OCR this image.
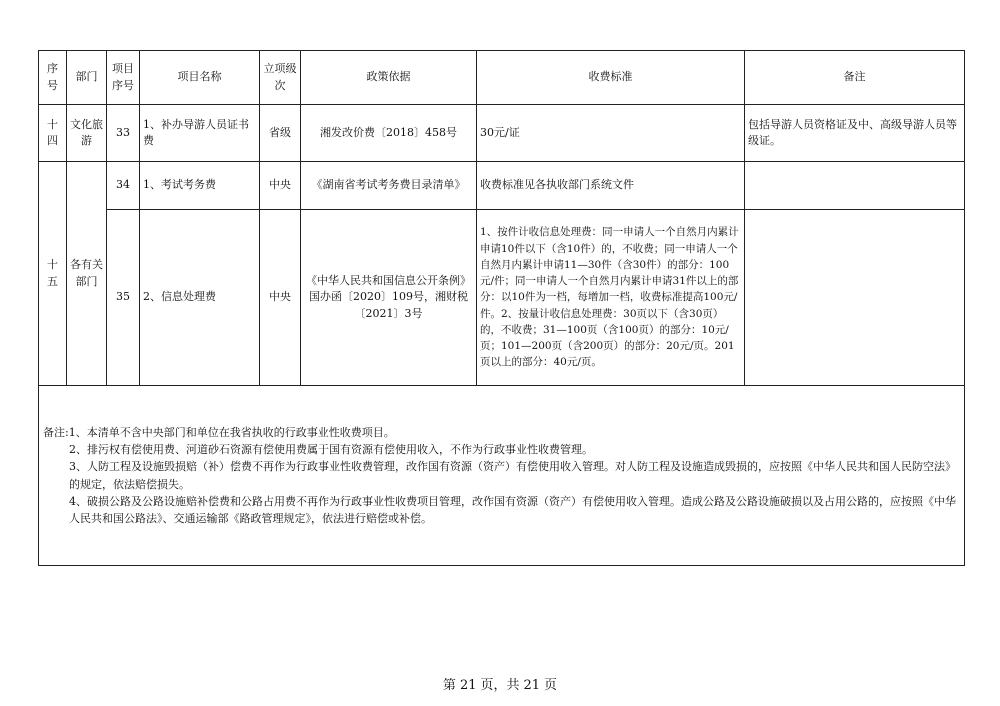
序号	部门	项目序号	项目名称	立项级次	政策依据	收费标准	备注
十四	文化旅游	33	1、补办导游人员证书费	省级	湘发改价费〔2018〕458号	30元/证	包括导游人员资格证及中、高级导游人员等级证。
十五	各有关部门	34	1、考试考务费	中央	《湖南省考试考务费目录清单》	收费标准见各执收部门系统文件	
		35	2、信息处理费	中央	《中华人民共和国信息公开条例》国办函〔2020〕109号，湘财税〔2021〕3号	1、按件计收信息处理费：同一申请人一个自然月内累计申请10件以下（含10件）的，不收费；同一申请人一个自然月内累计申请11—30件（含30件）的部分：100元/件；同一申请人一个自然月内累计申请31件以上的部分：以10件为一档，每增加一档，收费标准提高100元/件。2、按量计收信息处理费：30页以下（含30页）的，不收费；31—100页（含100页）的部分：10元/页；101—200页（含200页）的部分：20元/页。201页以上的部分：40元/页。	

备注:1、本清单不含中央部门和单位在我省执收的行政事业性收费项目。
2、排污权有偿使用费、河道砂石资源有偿使用费属于国有资源有偿使用收入，不作为行政事业性收费管理。
3、人防工程及设施毁损赔（补）偿费不再作为行政事业性收费管理，改作国有资源（资产）有偿使用收入管理。对人防工程及设施造成毁损的，应按照《中华人民共和国人民防空法》的规定，依法赔偿损失。
4、破损公路及公路设施赔补偿费和公路占用费不再作为行政事业性收费项目管理，改作国有资源（资产）有偿使用收入管理。造成公路及公路设施破损以及占用公路的，应按照《中华人民共和国公路法》、交通运输部《路政管理规定》，依法进行赔偿或补偿。							
第 21 页，共 21 页
